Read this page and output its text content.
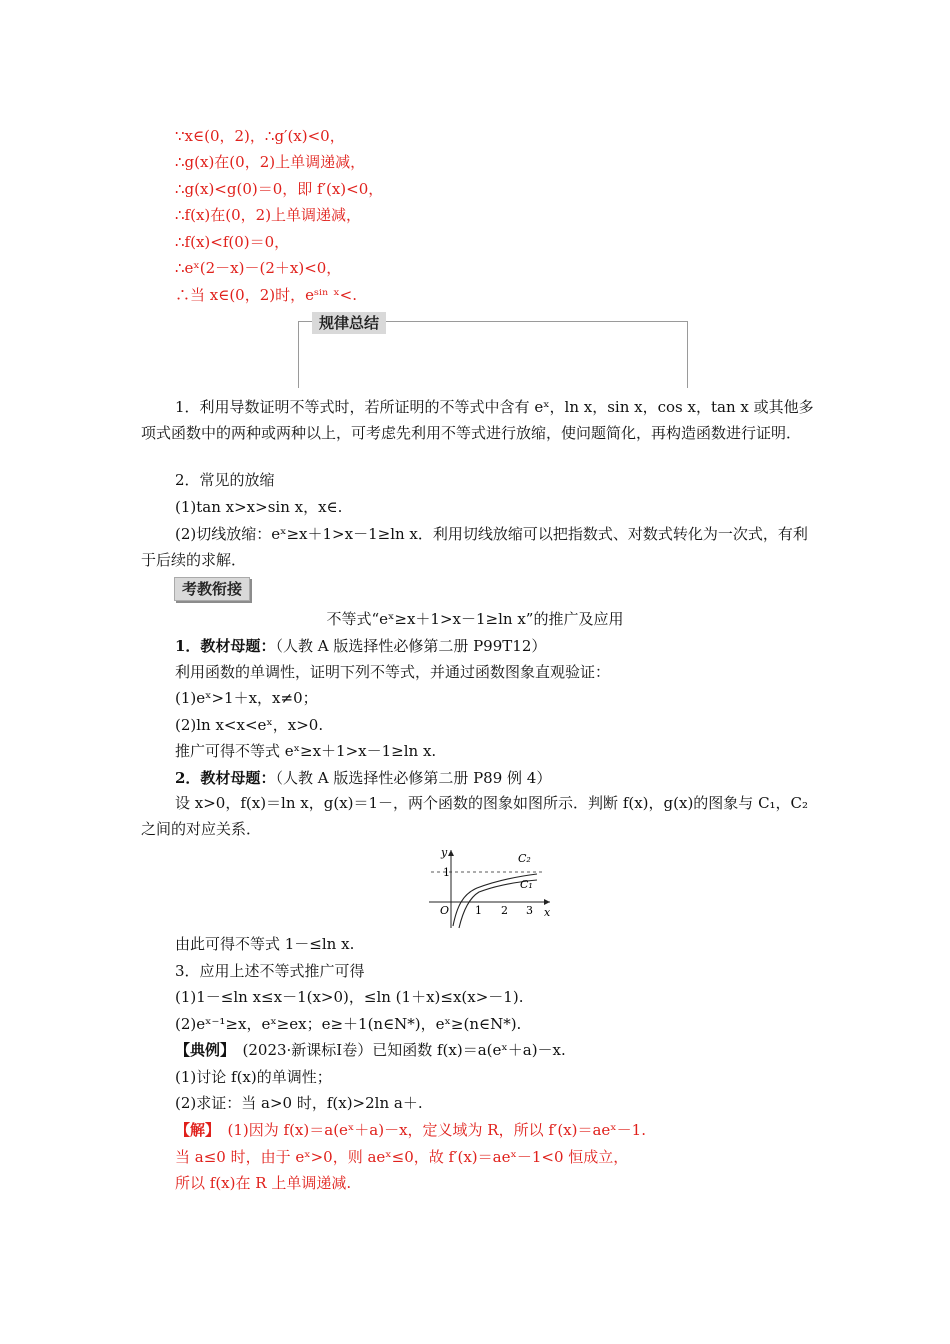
∵x∈(0，2)，∴g′(x)<0，
∴g(x)在(0，2)上单调递减，
∴g(x)<g(0)＝0，即 f′(x)<0，
∴f(x)在(0，2)上单调递减，
∴f(x)<f(0)＝0，
∴eˣ(2－x)－(2＋x)<0，
∴当 x∈(0，2)时，eˢⁱⁿ ˣ<.
规律总结
1．利用导数证明不等式时，若所证明的不等式中含有 eˣ，ln x，sin x，cos x，tan x 或其他多项式函数中的两种或两种以上，可考虑先利用不等式进行放缩，使问题简化，再构造函数进行证明．
2．常见的放缩
(1)tan x>x>sin x，x∈.
(2)切线放缩：eˣ≥x＋1>x－1≥ln x．利用切线放缩可以把指数式、对数式转化为一次式，有利于后续的求解．
考教衔接
不等式“eˣ≥x＋1>x－1≥ln x”的推广及应用
1．教材母题：（人教 A 版选择性必修第二册 P99T12）
利用函数的单调性，证明下列不等式，并通过函数图象直观验证：
(1)eˣ>1＋x，x≠0；
(2)ln x<x<eˣ，x>0.
推广可得不等式 eˣ≥x＋1>x－1≥ln x.
2．教材母题：（人教 A 版选择性必修第二册 P89 例 4）
设 x>0，f(x)＝ln x，g(x)＝1－，两个函数的图象如图所示．判断 f(x)，g(x)的图象与 C₁，C₂之间的对应关系．
y
x
O
1
1 2 3
C₂
C₁
由此可得不等式 1－≤ln x.
3．应用上述不等式推广可得
(1)1－≤ln x≤x－1(x>0)，≤ln (1＋x)≤x(x>－1).
(2)eˣ⁻¹≥x，eˣ≥ex；e≥＋1(n∈N*)，eˣ≥(n∈N*).
【典例】　(2023·新课标Ⅰ卷）已知函数 f(x)＝a(eˣ＋a)－x.
(1)讨论 f(x)的单调性；
(2)求证：当 a>0 时，f(x)>2ln a＋.
【解】　(1)因为 f(x)＝a(eˣ＋a)－x，定义域为 R，所以 f′(x)＝aeˣ－1.
当 a≤0 时，由于 eˣ>0，则 aeˣ≤0，故 f′(x)＝aeˣ－1<0 恒成立，
所以 f(x)在 R 上单调递减.
